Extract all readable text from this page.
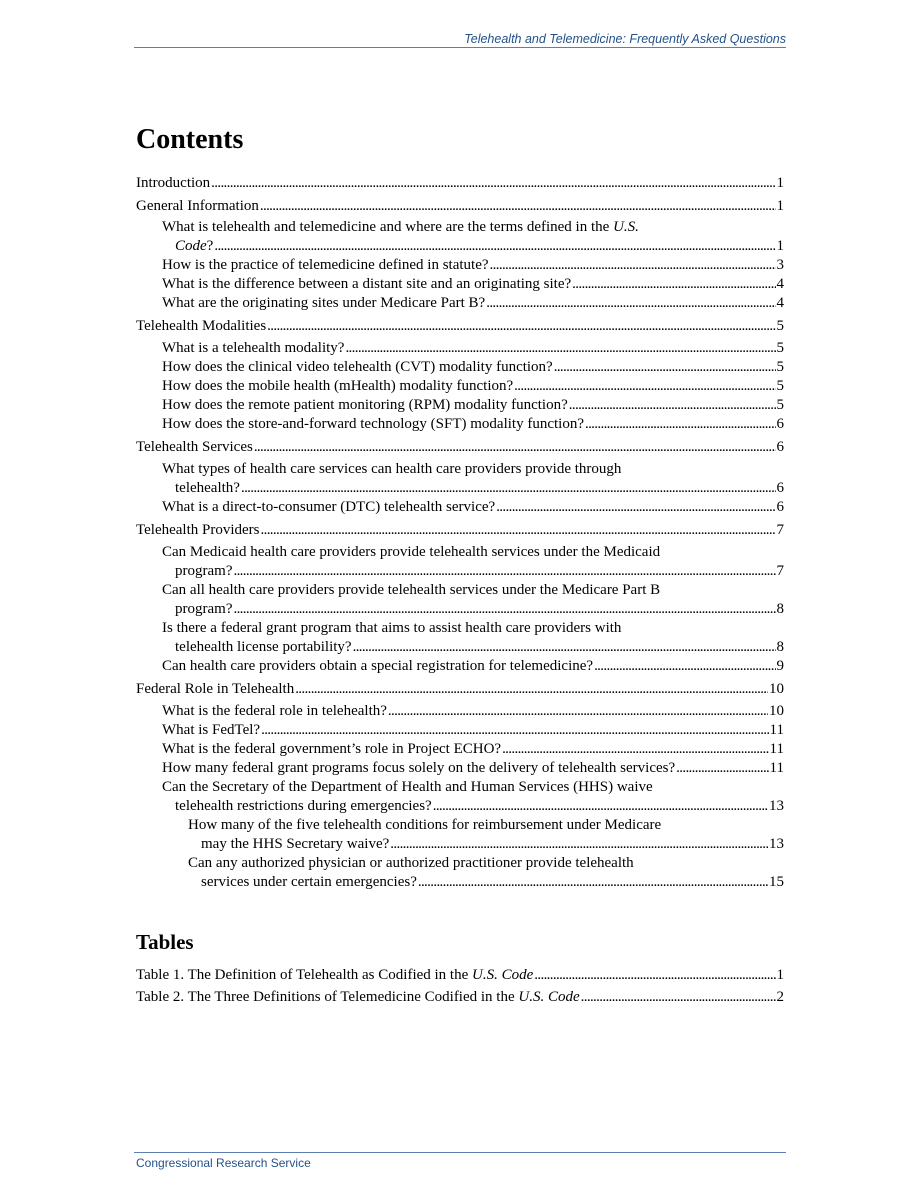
Telehealth and Telemedicine: Frequently Asked Questions
Contents
Introduction . . .	1
General Information . . .	1
What is telehealth and telemedicine and where are the terms defined in the U.S.
Code? . . .	1
How is the practice of telemedicine defined in statute? . . .	3
What is the difference between a distant site and an originating site? . . .	4
What are the originating sites under Medicare Part B? . . .	4
Telehealth Modalities . . .	5
What is a telehealth modality? . . .	5
How does the clinical video telehealth (CVT) modality function? . . .	5
How does the mobile health (mHealth) modality function? . . .	5
How does the remote patient monitoring (RPM) modality function? . . .	5
How does the store-and-forward technology (SFT) modality function? . . .	6
Telehealth Services . . .	6
What types of health care services can health care providers provide through
telehealth? . . .	6
What is a direct-to-consumer (DTC) telehealth service? . . .	6
Telehealth Providers . . .	7
Can Medicaid health care providers provide telehealth services under the Medicaid
program? . . .	7
Can all health care providers provide telehealth services under the Medicare Part B
program? . . .	8
Is there a federal grant program that aims to assist health care providers with
telehealth license portability? . . .	8
Can health care providers obtain a special registration for telemedicine? . . .	9
Federal Role in Telehealth . . .	10
What is the federal role in telehealth? . . .	10
What is FedTel? . . .	11
What is the federal government’s role in Project ECHO? . . .	11
How many federal grant programs focus solely on the delivery of telehealth services? . . .	11
Can the Secretary of the Department of Health and Human Services (HHS) waive
telehealth restrictions during emergencies? . . .	13
How many of the five telehealth conditions for reimbursement under Medicare
may the HHS Secretary waive? . . .	13
Can any authorized physician or authorized practitioner provide telehealth
services under certain emergencies? . . .	15
Tables
Table 1. The Definition of Telehealth as Codified in the U.S. Code . . .	1
Table 2. The Three Definitions of Telemedicine Codified in the U.S. Code . . .	2
Congressional Research Service
